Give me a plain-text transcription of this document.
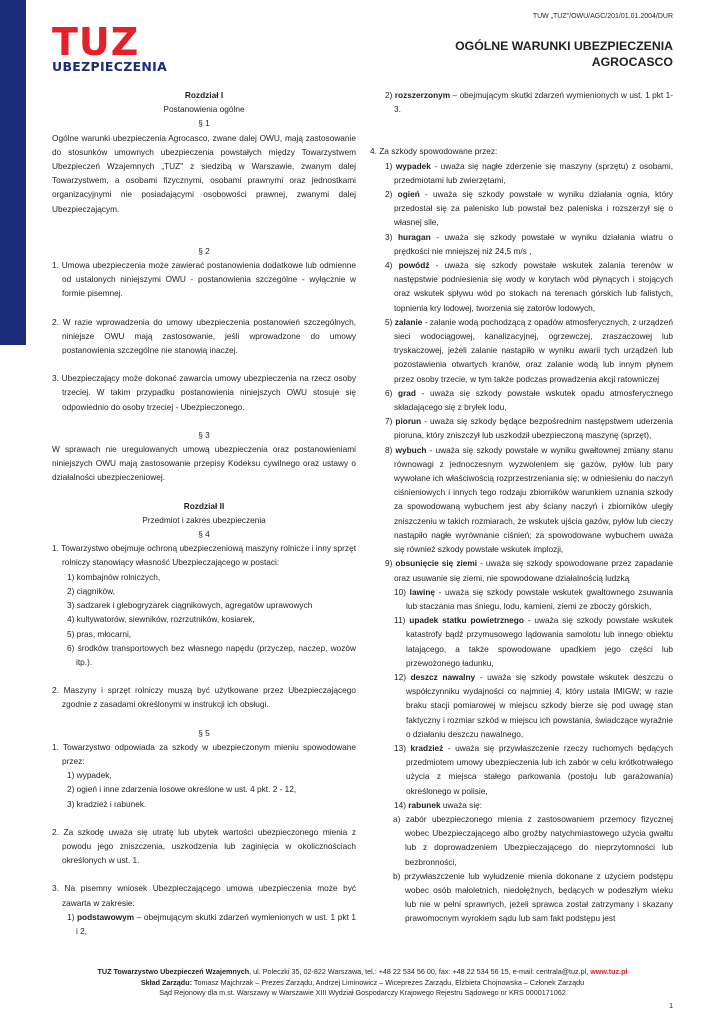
TUZ
UBEZPIECZENIA
TUW „TUZ"/OWU/AGC/201/01.01.2004/DUR
OGÓLNE WARUNKI UBEZPIECZENIA
AGROCASCO

Rozdział I

Postanowienia ogólne

§ 1

Ogólne warunki ubezpieczenia Agrocasco, zwane dalej OWU, mają zastosowanie do stosunków umownych ubezpieczenia powstałych między Towarzystwem Ubezpieczeń Wzajemnych „TUZ" z siedzibą w Warszawie, zwanym dalej Towarzystwem, a osobami fizycznymi, osobami prawnymi oraz jednostkami organizacyjnymi nie posiadającymi osobowości prawnej, zwanymi dalej Ubezpieczającym.

§ 2

1. Umowa ubezpieczenia może zawierać postanowienia dodatkowe lub odmienne od ustalonych niniejszymi OWU - postanowienia szczególne - wyłącznie w formie pisemnej.

2. W razie wprowadzenia do umowy ubezpieczenia postanowień szczególnych, niniejsze OWU mają zastosowanie, jeśli wprowadzone do umowy postanowienia szczególne nie stanowią inaczej.

3. Ubezpieczający może dokonać zawarcia umowy ubezpieczenia na rzecz osoby trzeciej. W takim przypadku postanowienia niniejszych OWU stosuje się odpowiednio do osoby trzeciej - Ubezpieczonego.

§ 3

W sprawach nie uregulowanych umową ubezpieczenia oraz postanowieniami niniejszych OWU mają zastosowanie przepisy Kodeksu cywilnego oraz ustawy o działalności ubezpieczeniowej.

Rozdział II

Przedmiot i zakres ubezpieczenia

§ 4

1. Towarzystwo obejmuje ochroną ubezpieczeniową maszyny rolnicze i inny sprzęt rolniczy stanowiący własność Ubezpieczającego w postaci:

1) kombajnów rolniczych,

2) ciągników,

3) sadzarek i glebogryzarek ciągnikowych, agregatów uprawowych

4) kultywatorów, siewników, rozrzutników, kosiarek,

5) pras, młocarni,

6) środków transportowych bez własnego napędu (przyczep, naczep, wozów itp.).

2. Maszyny i sprzęt rolniczy muszą być użytkowane przez Ubezpieczającego zgodnie z zasadami określonymi w instrukcji ich obsługi.

§ 5

1. Towarzystwo odpowiada za szkody w ubezpieczonym mieniu spowodowane przez:

1) wypadek,

2) ogień i inne zdarzenia losowe określone w ust. 4 pkt. 2 - 12,

3) kradzież i rabunek.

2. Za szkodę uważa się utratę lub ubytek wartości ubezpieczonego mienia z powodu jego zniszczenia, uszkodzenia lub zaginięcia w okolicznościach określonych w ust. 1.

3. Na pisemny wniosek Ubezpieczającego umowa ubezpieczenia może być zawarta w zakresie:

1) podstawowym – obejmującym skutki zdarzeń wymienionych w ust. 1 pkt 1 i 2,

2) rozszerzonym – obejmującym skutki zdarzeń wymienionych w ust. 1 pkt 1-3.

4. Za szkody spowodowane przez:

1) wypadek - uważa się nagłe zderzenie się maszyny (sprzętu) z osobami, przedmiotami lub zwierzętami,

2) ogień - uważa się szkody powstałe w wyniku działania ognia, który przedostał się za palenisko lub powstał bez paleniska i rozszerzył się o własnej sile,

3) huragan - uważa się szkody powstałe w wyniku działania wiatru o prędkości nie mniejszej niż 24,5 m/s ,

4) powódź - uważa się szkody powstałe wskutek zalania terenów w następstwie podniesienia się wody w korytach wód płynących i stojących oraz wskutek spływu wód po stokach na terenach górskich lub falistych, topnienia kry lodowej, tworzenia się zatorów lodowych,

5) zalanie - zalanie wodą pochodzącą z opadów atmosferycznych, z urządzeń sieci wodociągowej, kanalizacyjnej, ogrzewczej, zraszaczowej lub tryskaczowej, jeżeli zalanie nastąpiło w wyniku awarii tych urządzeń lub pozostawienia otwartych kranów, oraz zalanie wodą lub innym płynem przez osoby trzecie, w tym także podczas prowadzenia akcji ratowniczej

6) grad - uważa się szkody powstałe wskutek opadu atmosferycznego składającego się z bryłek lodu,

7) piorun - uważa się szkody będące bezpośrednim następstwem uderzenia pioruna, który zniszczył lub uszkodził ubezpieczoną maszynę (sprzęt),

8) wybuch - uważa się szkody powstałe w wyniku gwałtownej zmiany stanu równowagi z jednoczesnym wyzwoleniem się gazów, pyłów lub pary wywołane ich właściwością rozprzestrzeniania się; w odniesieniu do naczyń ciśnieniowych i innych tego rodzaju zbiorników warunkiem uznania szkody za spowodowaną wybuchem jest aby ściany naczyń i zbiorników uległy zniszczeniu w takich rozmiarach, że wskutek ujścia gazów, pyłów lub cieczy nastąpiło nagłe wyrównanie ciśnień; za spowodowane wybuchem uważa się również szkody powstałe wskutek implozji,

9) obsunięcie się ziemi - uważa się szkody spowodowane przez zapadanie oraz usuwanie się ziemi, nie spowodowane działalnością ludzką

10) lawinę - uważa się szkody powstałe wskutek gwałtownego zsuwania lub staczania mas śniegu, lodu, kamieni, ziemi ze zboczy górskich,

11) upadek statku powietrznego - uważa się szkody powstałe wskutek katastrofy bądź przymusowego lądowania samolotu lub innego obiektu latającego, a także spowodowane upadkiem jego części lub przewożonego ładunku,

12) deszcz nawalny - uważa się szkody powstałe wskutek deszczu o współczynniku wydajności co najmniej 4, który ustala IMIGW; w razie braku stacji pomiarowej w miejscu szkody bierze się pod uwagę stan faktyczny i rozmiar szkód w miejscu ich powstania, świadczące wyraźnie o działaniu deszczu nawalnego,

13) kradzież - uważa się przywłaszczenie rzeczy ruchomych będących przedmiotem umowy ubezpieczenia lub ich zabór w celu krótkotrwałego użycia z miejsca stałego parkowania (postoju lub garażowania) określonego w polisie,

14) rabunek uważa się:

a) zabór ubezpieczonego mienia z zastosowaniem przemocy fizycznej wobec Ubezpieczającego albo groźby natychmiastowego użycia gwałtu lub z doprowadzeniem Ubezpieczającego do nieprzytomności lub bezbronności,

b) przywłaszczenie lub wyłudzenie mienia dokonane z użyciem podstępu wobec osób małoletnich, niedołężnych, będących w podeszłym wieku lub nie w pełni sprawnych, jeżeli sprawca został zatrzymany i skazany prawomocnym wyrokiem sądu lub sam fakt podstępu jest

TUZ Towarzystwo Ubezpieczeń Wzajemnych, ul. Poleczki 35, 02-822 Warszawa, tel.: +48 22 534 56 00, fax: +48 22 534 56 15, e-mail: centrala@tuz.pl, www.tuz.pl
Skład Zarządu: Tomasz Majchrzak – Prezes Zarządu, Andrzej Liminowicz – Wiceprezes Zarządu, Elżbieta Chojnowska – Członek Zarządu
Sąd Rejonowy dla m.st. Warszawy w Warszawie XIII Wydział Gospodarczy Krajowego Rejestru Sądowego nr KRS 0000171062
1
